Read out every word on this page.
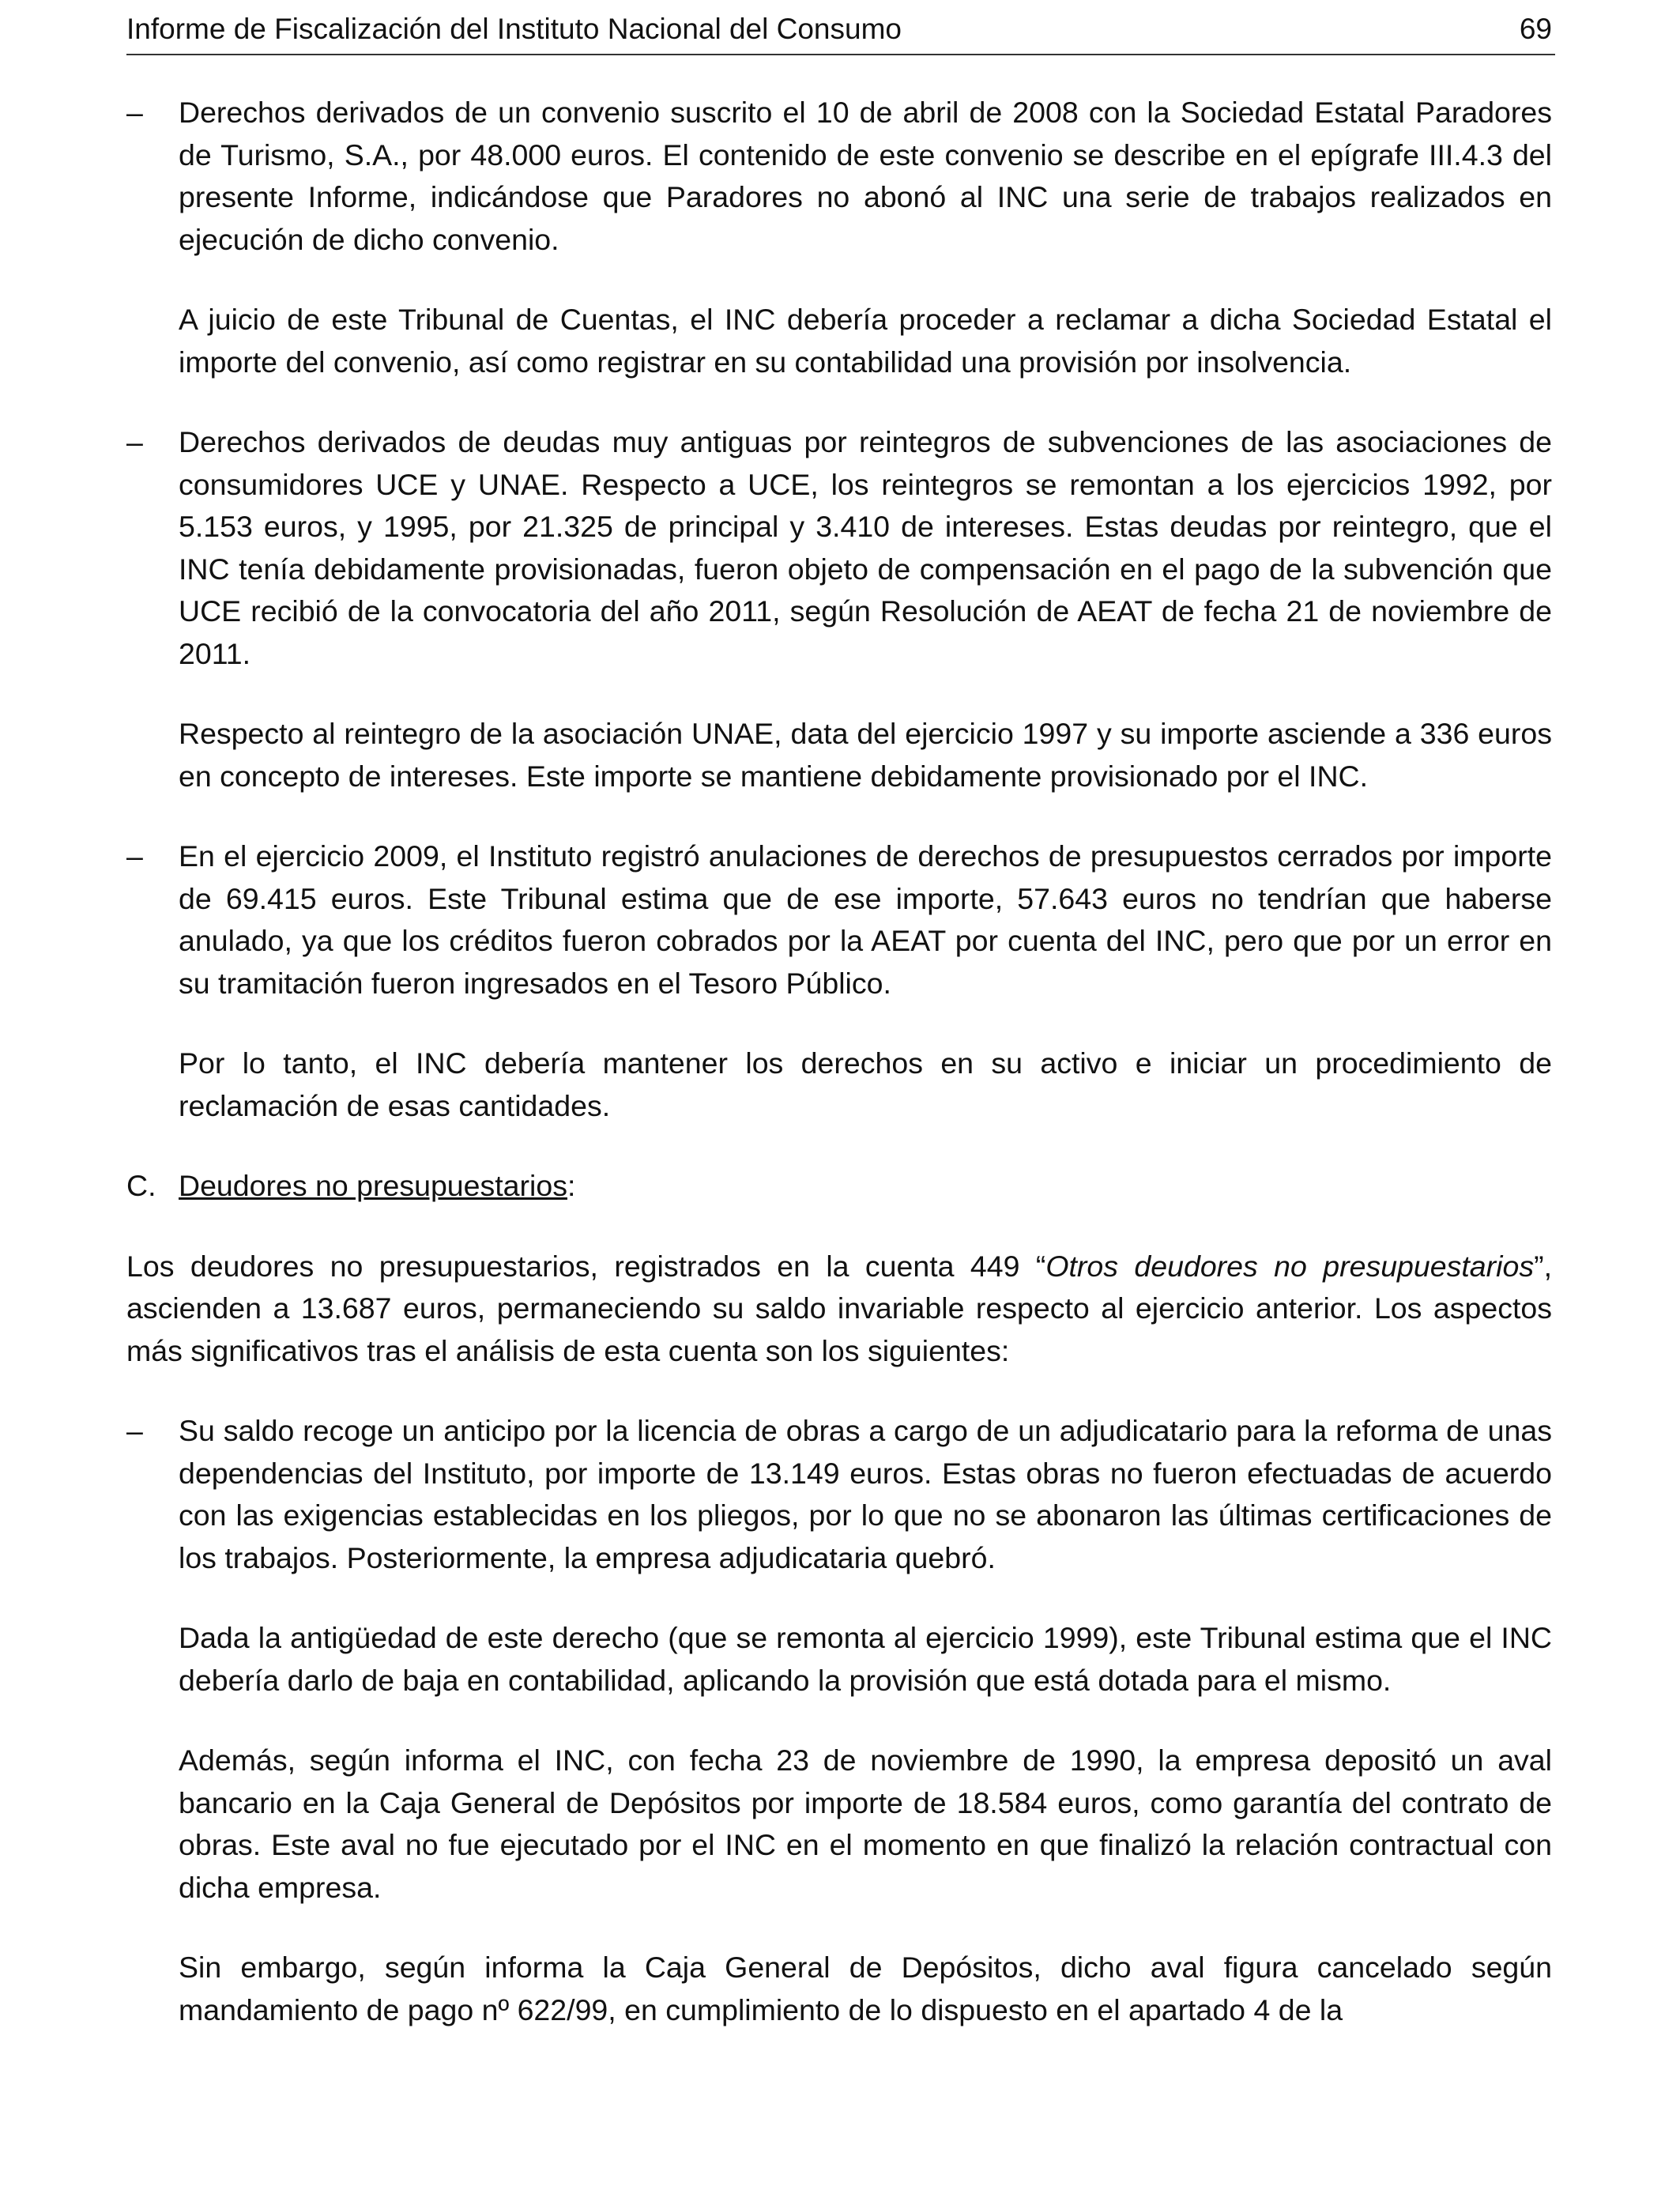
Informe de Fiscalización del Instituto Nacional del Consumo	69
–	Derechos derivados de un convenio suscrito el 10 de abril de 2008 con la Sociedad Estatal Paradores de Turismo, S.A., por 48.000 euros. El contenido de este convenio se describe en el epígrafe III.4.3 del presente Informe, indicándose que Paradores no abonó al INC una serie de trabajos realizados en ejecución de dicho convenio.

A juicio de este Tribunal de Cuentas, el INC debería proceder a reclamar a dicha Sociedad Estatal el importe del convenio, así como registrar en su contabilidad una provisión por insolvencia.

–	Derechos derivados de deudas muy antiguas por reintegros de subvenciones de las asociaciones de consumidores UCE y UNAE. Respecto a UCE, los reintegros se remontan a los ejercicios 1992, por 5.153 euros, y 1995, por 21.325 de principal y 3.410 de intereses. Estas deudas por reintegro, que el INC tenía debidamente provisionadas, fueron objeto de compensación en el pago de la subvención que UCE recibió de la convocatoria del año 2011, según Resolución de AEAT de fecha 21 de noviembre de 2011.

Respecto al reintegro de la asociación UNAE, data del ejercicio 1997 y su importe asciende a 336 euros en concepto de intereses. Este importe se mantiene debidamente provisionado por el INC.

–	En el ejercicio 2009, el Instituto registró anulaciones de derechos de presupuestos cerrados por importe de 69.415 euros. Este Tribunal estima que de ese importe, 57.643 euros no tendrían que haberse anulado, ya que los créditos fueron cobrados por la AEAT por cuenta del INC, pero que por un error en su tramitación fueron ingresados en el Tesoro Público.

Por lo tanto, el INC debería mantener los derechos en su activo e iniciar un procedimiento de reclamación de esas cantidades.

C. Deudores no presupuestarios:

Los deudores no presupuestarios, registrados en la cuenta 449 “Otros deudores no presupuestarios”, ascienden a 13.687 euros, permaneciendo su saldo invariable respecto al ejercicio anterior. Los aspectos más significativos tras el análisis de esta cuenta son los siguientes:

–	Su saldo recoge un anticipo por la licencia de obras a cargo de un adjudicatario para la reforma de unas dependencias del Instituto, por importe de 13.149 euros. Estas obras no fueron efectuadas de acuerdo con las exigencias establecidas en los pliegos, por lo que no se abonaron las últimas certificaciones de los trabajos. Posteriormente, la empresa adjudicataria quebró.

Dada la antigüedad de este derecho (que se remonta al ejercicio 1999), este Tribunal estima que el INC debería darlo de baja en contabilidad, aplicando la provisión que está dotada para el mismo.

Además, según informa el INC, con fecha 23 de noviembre de 1990, la empresa depositó un aval bancario en la Caja General de Depósitos por importe de 18.584 euros, como garantía del contrato de obras. Este aval no fue ejecutado por el INC en el momento en que finalizó la relación contractual con dicha empresa.

Sin embargo, según informa la Caja General de Depósitos, dicho aval figura cancelado según mandamiento de pago nº 622/99, en cumplimiento de lo dispuesto en el apartado 4 de la
